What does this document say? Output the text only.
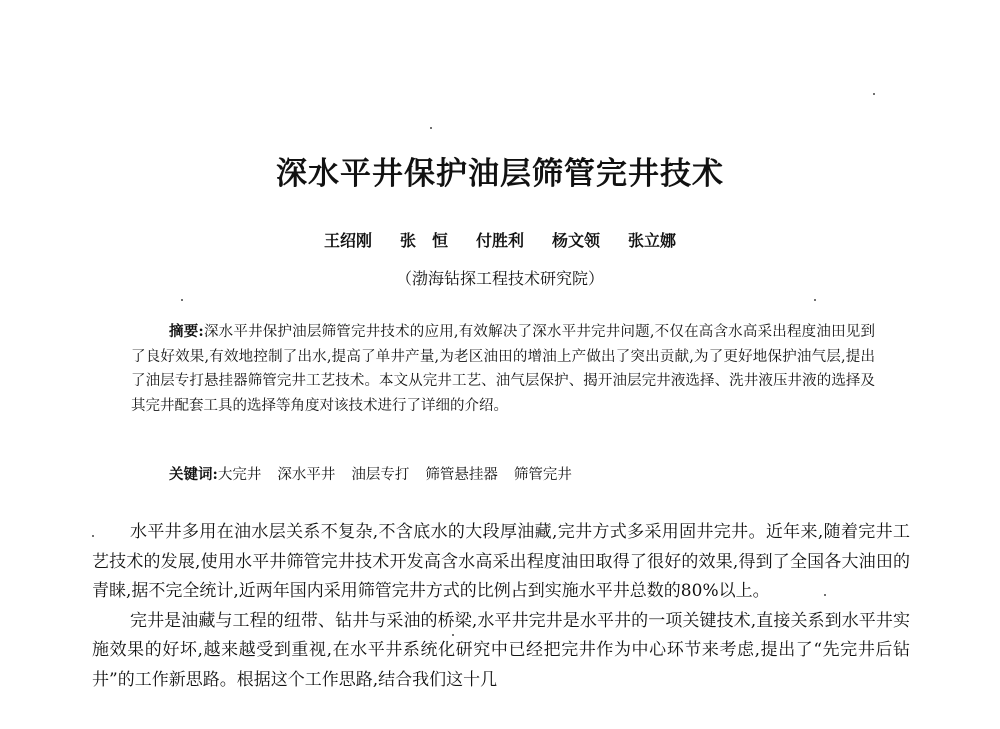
深水平井保护油层筛管完井技术
王绍刚 张　恒 付胜利 杨文领 张立娜
（渤海钻探工程技术研究院）

摘要:深水平井保护油层筛管完井技术的应用,有效解决了深水平井完井问题,不仅在高含水高采出程度油田见到了良好效果,有效地控制了出水,提高了单井产量,为老区油田的增油上产做出了突出贡献,为了更好地保护油气层,提出了油层专打悬挂器筛管完井工艺技术。本文从完井工艺、油气层保护、揭开油层完井液选择、洗井液压井液的选择及其完井配套工具的选择等角度对该技术进行了详细的介绍。

关键词:大完井 深水平井 油层专打 筛管悬挂器 筛管完井

水平井多用在油水层关系不复杂,不含底水的大段厚油藏,完井方式多采用固井完井。近年来,随着完井工艺技术的发展,使用水平井筛管完井技术开发高含水高采出程度油田取得了很好的效果,得到了全国各大油田的青睐,据不完全统计,近两年国内采用筛管完井方式的比例占到实施水平井总数的80%以上。

完井是油藏与工程的纽带、钻井与采油的桥梁,水平井完井是水平井的一项关键技术,直接关系到水平井实施效果的好坏,越来越受到重视,在水平井系统化研究中已经把完井作为中心环节来考虑,提出了“先完井后钻井”的工作新思路。根据这个工作思路,结合我们这十几
